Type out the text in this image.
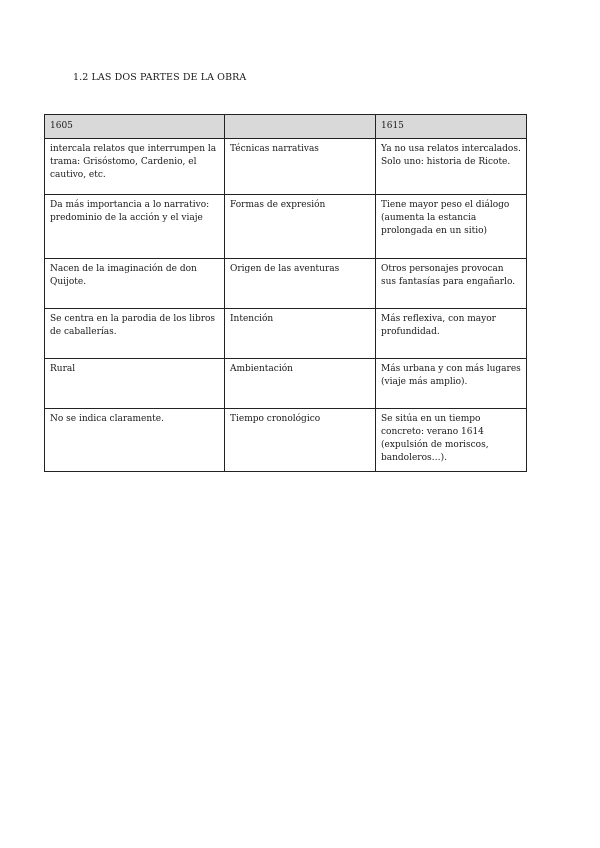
1.2 LAS DOS PARTES DE LA OBRA
1605		1615
intercala relatos que interrumpen la trama: Grisóstomo, Cardenio, el cautivo, etc.	Técnicas narrativas	Ya no usa relatos intercalados. Solo uno: historia de Ricote.
Da más importancia a lo narrativo: predominio de la acción y el viaje	Formas de expresión	Tiene mayor peso el diálogo (aumenta la estancia prolongada en un sitio)
Nacen de la imaginación de don Quijote.	Origen de las aventuras	Otros personajes provocan sus fantasías para engañarlo.
Se centra en la parodia de los libros de caballerías.	Intención	Más reflexiva, con mayor profundidad.
Rural	Ambientación	Más urbana y con más lugares (viaje más amplio).
No se indica claramente.	Tiempo cronológico	Se sitúa en un tiempo concreto: verano 1614 (expulsión de moriscos, bandoleros…).
